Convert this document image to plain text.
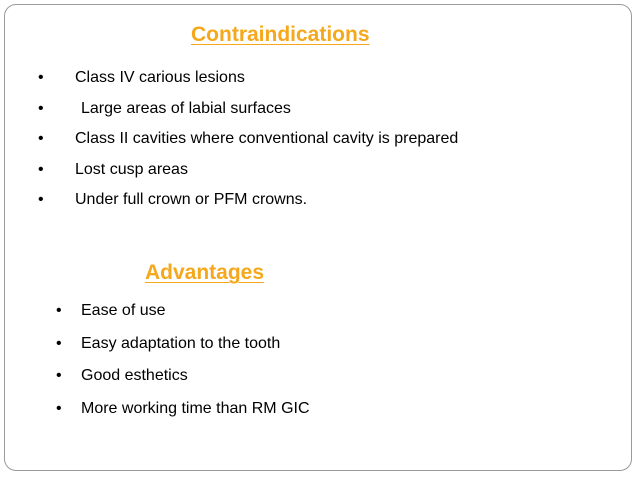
Contraindications
• Class IV carious lesions
• Large areas of labial surfaces
• Class II cavities where conventional cavity is prepared
• Lost cusp areas
• Under full crown or PFM crowns.
Advantages
• Ease of use
• Easy adaptation to the tooth
• Good esthetics
• More working time than RM GIC
